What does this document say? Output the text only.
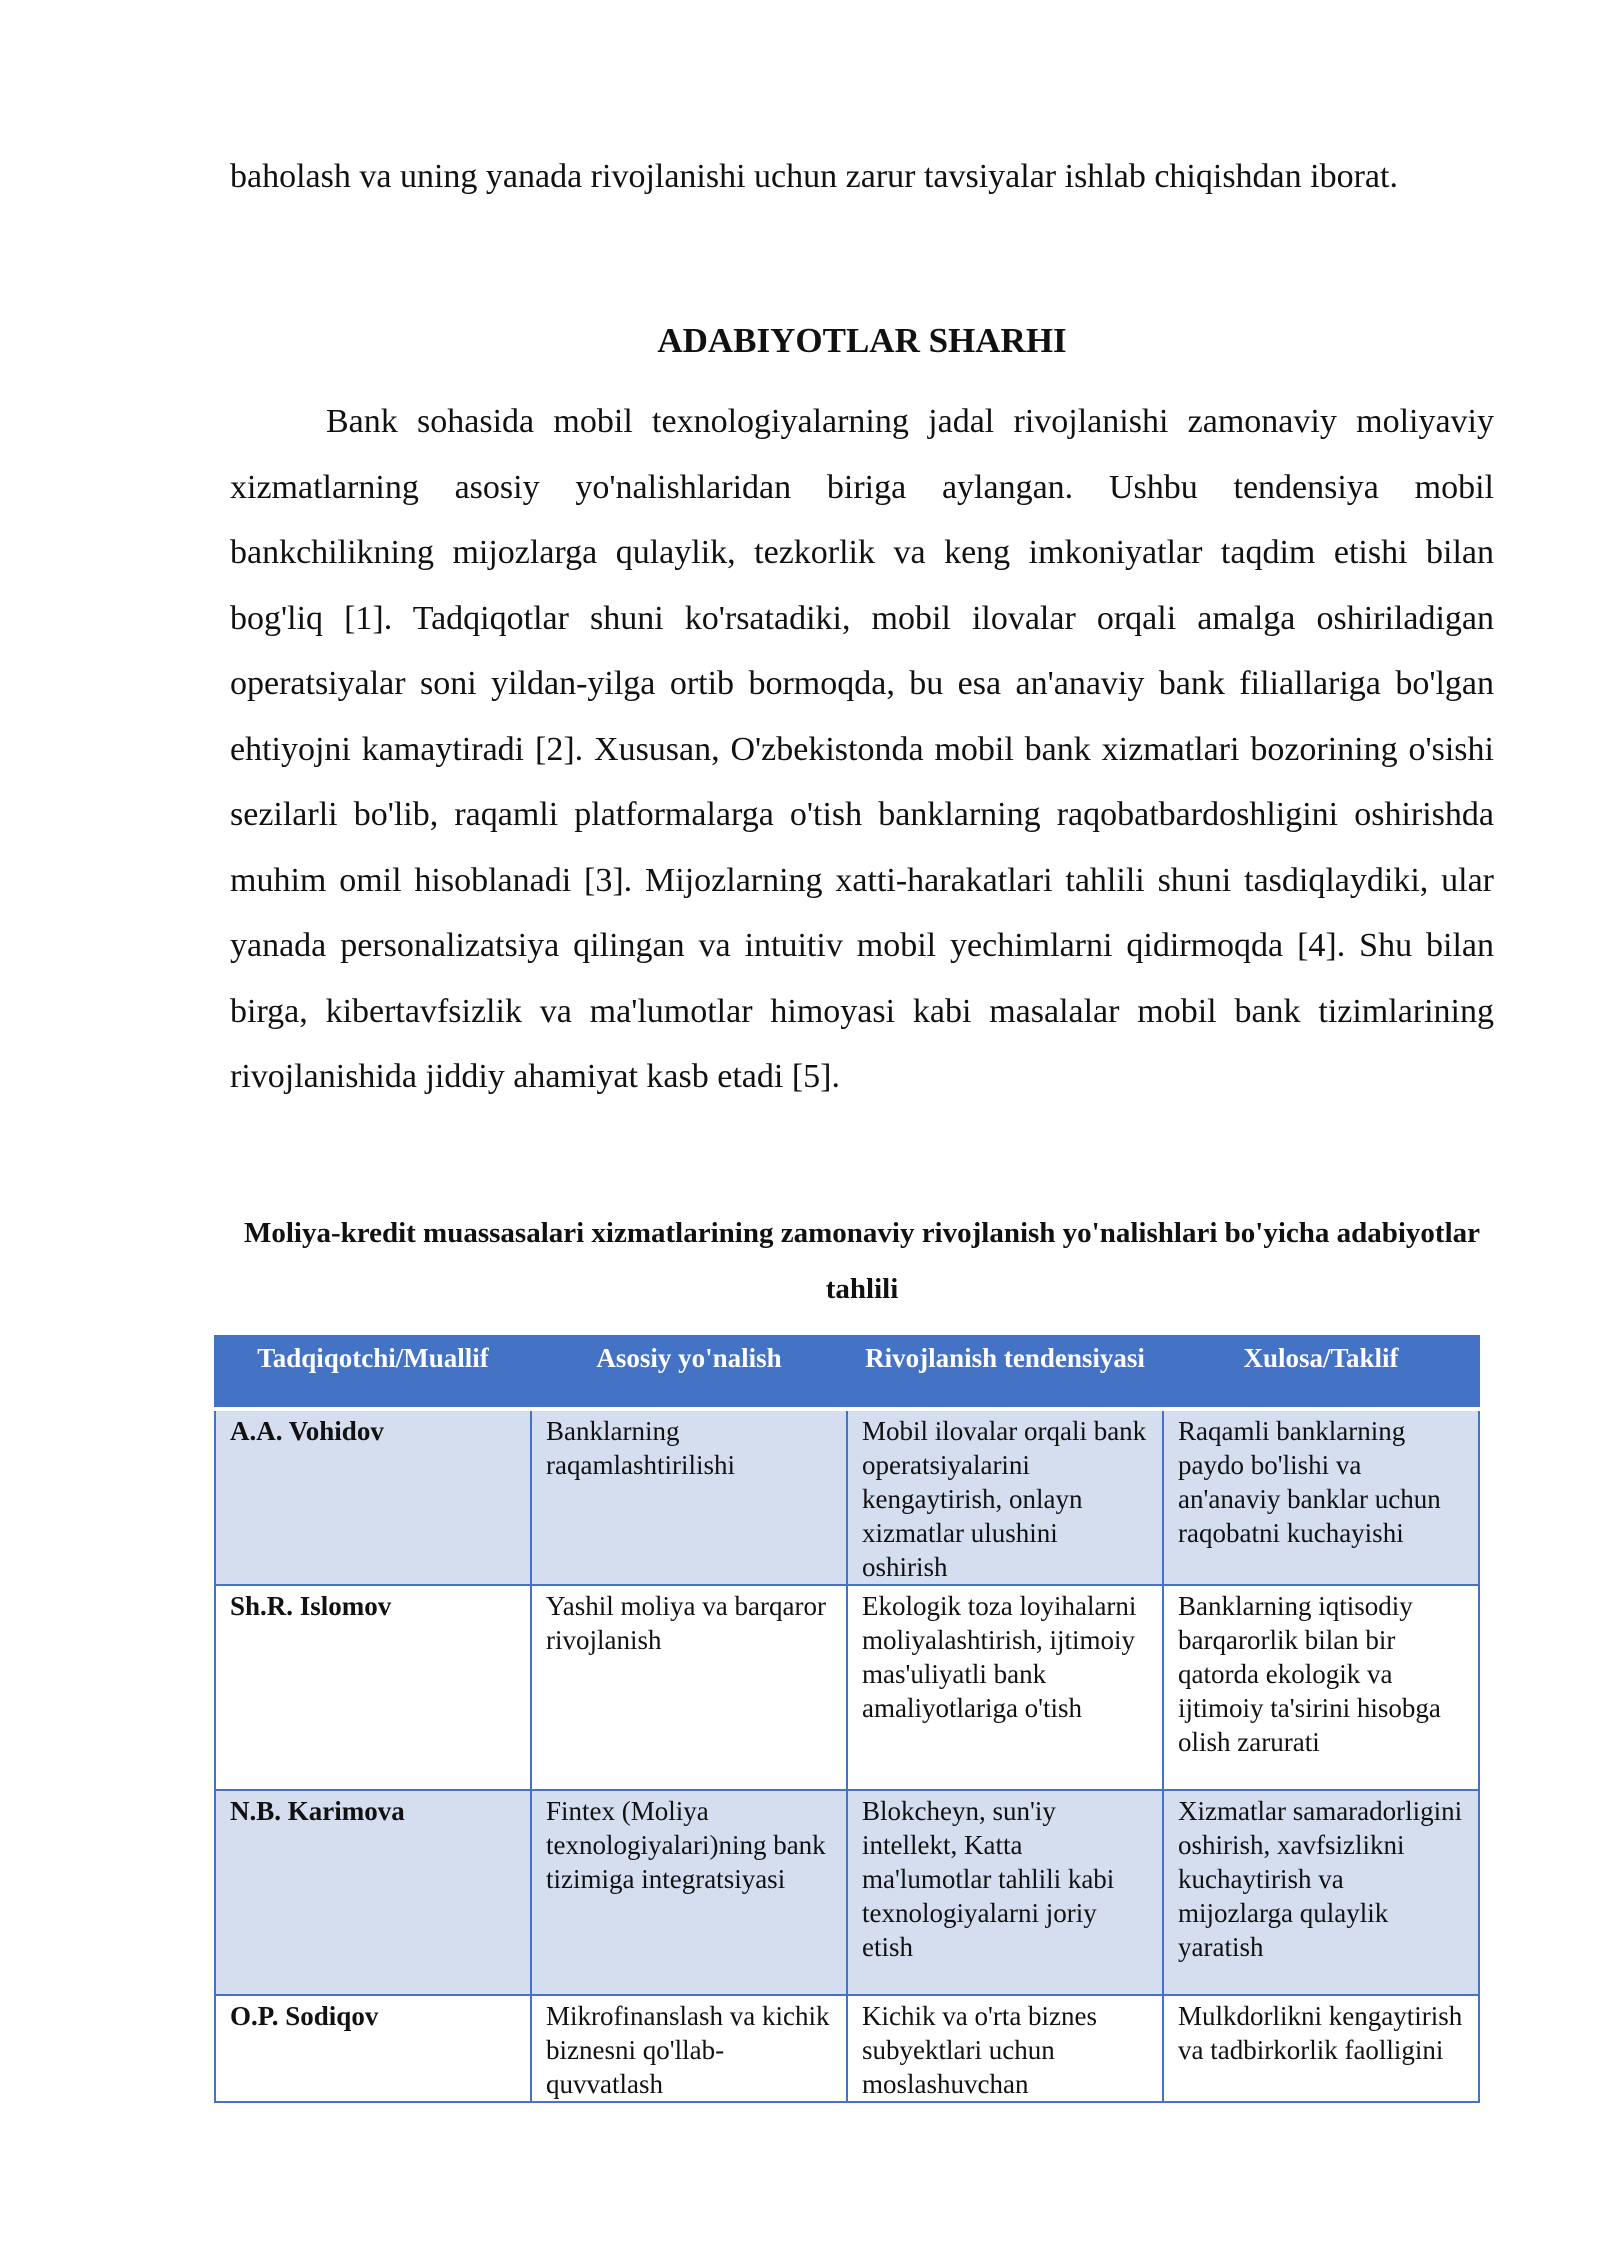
baholash va uning yanada rivojlanishi uchun zarur tavsiyalar ishlab chiqishdan iborat.

ADABIYOTLAR SHARHI

Bank sohasida mobil texnologiyalarning jadal rivojlanishi zamonaviy moliyaviy xizmatlarning asosiy yo'nalishlaridan biriga aylangan. Ushbu tendensiya mobil bankchilikning mijozlarga qulaylik, tezkorlik va keng imkoniyatlar taqdim etishi bilan bog'liq [1]. Tadqiqotlar shuni ko'rsatadiki, mobil ilovalar orqali amalga oshiriladigan operatsiyalar soni yildan-yilga ortib bormoqda, bu esa an'anaviy bank filiallariga bo'lgan ehtiyojni kamaytiradi [2]. Xususan, O'zbekistonda mobil bank xizmatlari bozorining o'sishi sezilarli bo'lib, raqamli platformalarga o'tish banklarning raqobatbardoshligini oshirishda muhim omil hisoblanadi [3]. Mijozlarning xatti-harakatlari tahlili shuni tasdiqlaydiki, ular yanada personalizatsiya qilingan va intuitiv mobil yechimlarni qidirmoqda [4]. Shu bilan birga, kibertavfsizlik va ma'lumotlar himoyasi kabi masalalar mobil bank tizimlarining rivojlanishida jiddiy ahamiyat kasb etadi [5].

Moliya-kredit muassasalari xizmatlarining zamonaviy rivojlanish yo'nalishlari bo'yicha adabiyotlar tahlili

Tadqiqotchi/Muallif	Asosiy yo'nalish	Rivojlanish tendensiyasi	Xulosa/Taklif
A.A. Vohidov	Banklarning raqamlashtirilishi	Mobil ilovalar orqali bank operatsiyalarini kengaytirish, onlayn xizmatlar ulushini oshirish	Raqamli banklarning paydo bo'lishi va an'anaviy banklar uchun raqobatni kuchayishi
Sh.R. Islomov	Yashil moliya va barqaror rivojlanish	Ekologik toza loyihalarni moliyalashtirish, ijtimoiy mas'uliyatli bank amaliyotlariga o'tish	Banklarning iqtisodiy barqarorlik bilan bir qatorda ekologik va ijtimoiy ta'sirini hisobga olish zarurati
N.B. Karimova	Fintex (Moliya texnologiyalari)ning bank tizimiga integratsiyasi	Blokcheyn, sun'iy intellekt, Katta ma'lumotlar tahlili kabi texnologiyalarni joriy etish	Xizmatlar samaradorligini oshirish, xavfsizlikni kuchaytirish va mijozlarga qulaylik yaratish
O.P. Sodiqov	Mikrofinanslash va kichik biznesni qo'llab-quvvatlash	Kichik va o'rta biznes subyektlari uchun moslashuvchan	Mulkdorlikni kengaytirish va tadbirkorlik faolligini
